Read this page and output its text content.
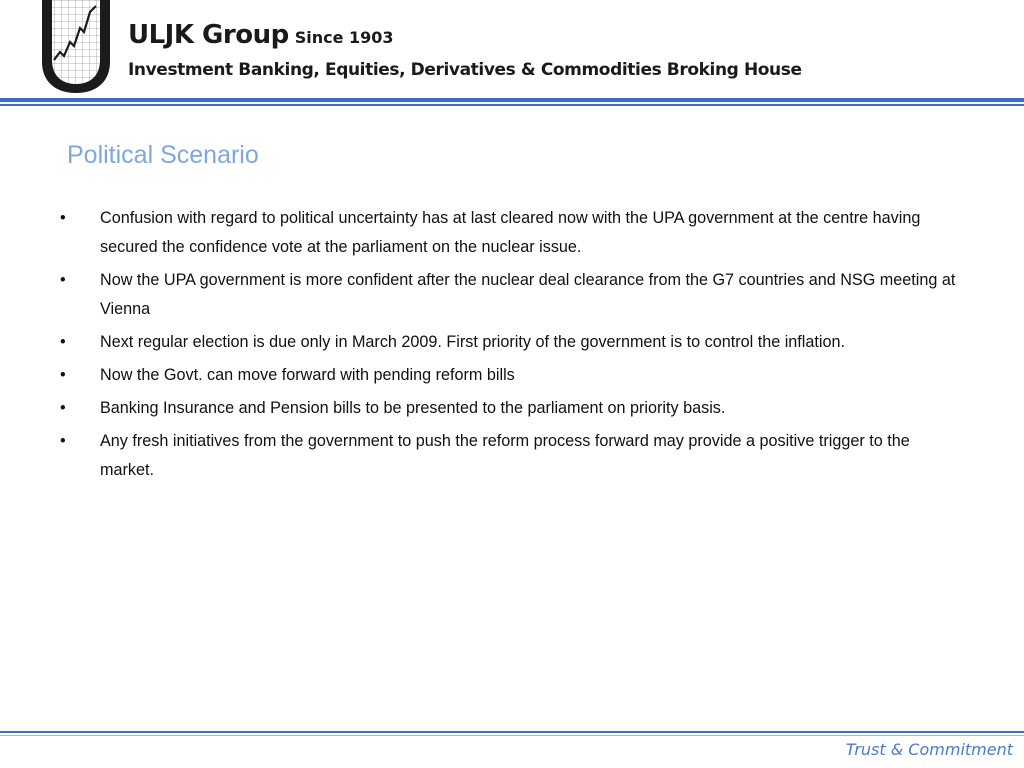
ULJK Group Since 1903
Investment Banking, Equities, Derivatives & Commodities Broking House
Political Scenario
• Confusion with regard to political uncertainty has at last cleared now with the UPA government at the centre having secured the confidence vote at the parliament on the nuclear issue.
• Now the UPA government is more confident after the nuclear deal clearance from the G7 countries and NSG meeting at Vienna
• Next regular election is due only in March 2009. First priority of the government is to control the inflation.
• Now the Govt. can move forward with pending reform bills
• Banking Insurance and Pension bills to be presented to the parliament on priority basis.
• Any fresh initiatives from the government to push the reform process forward may provide a positive trigger to the market.
Trust & Commitment
